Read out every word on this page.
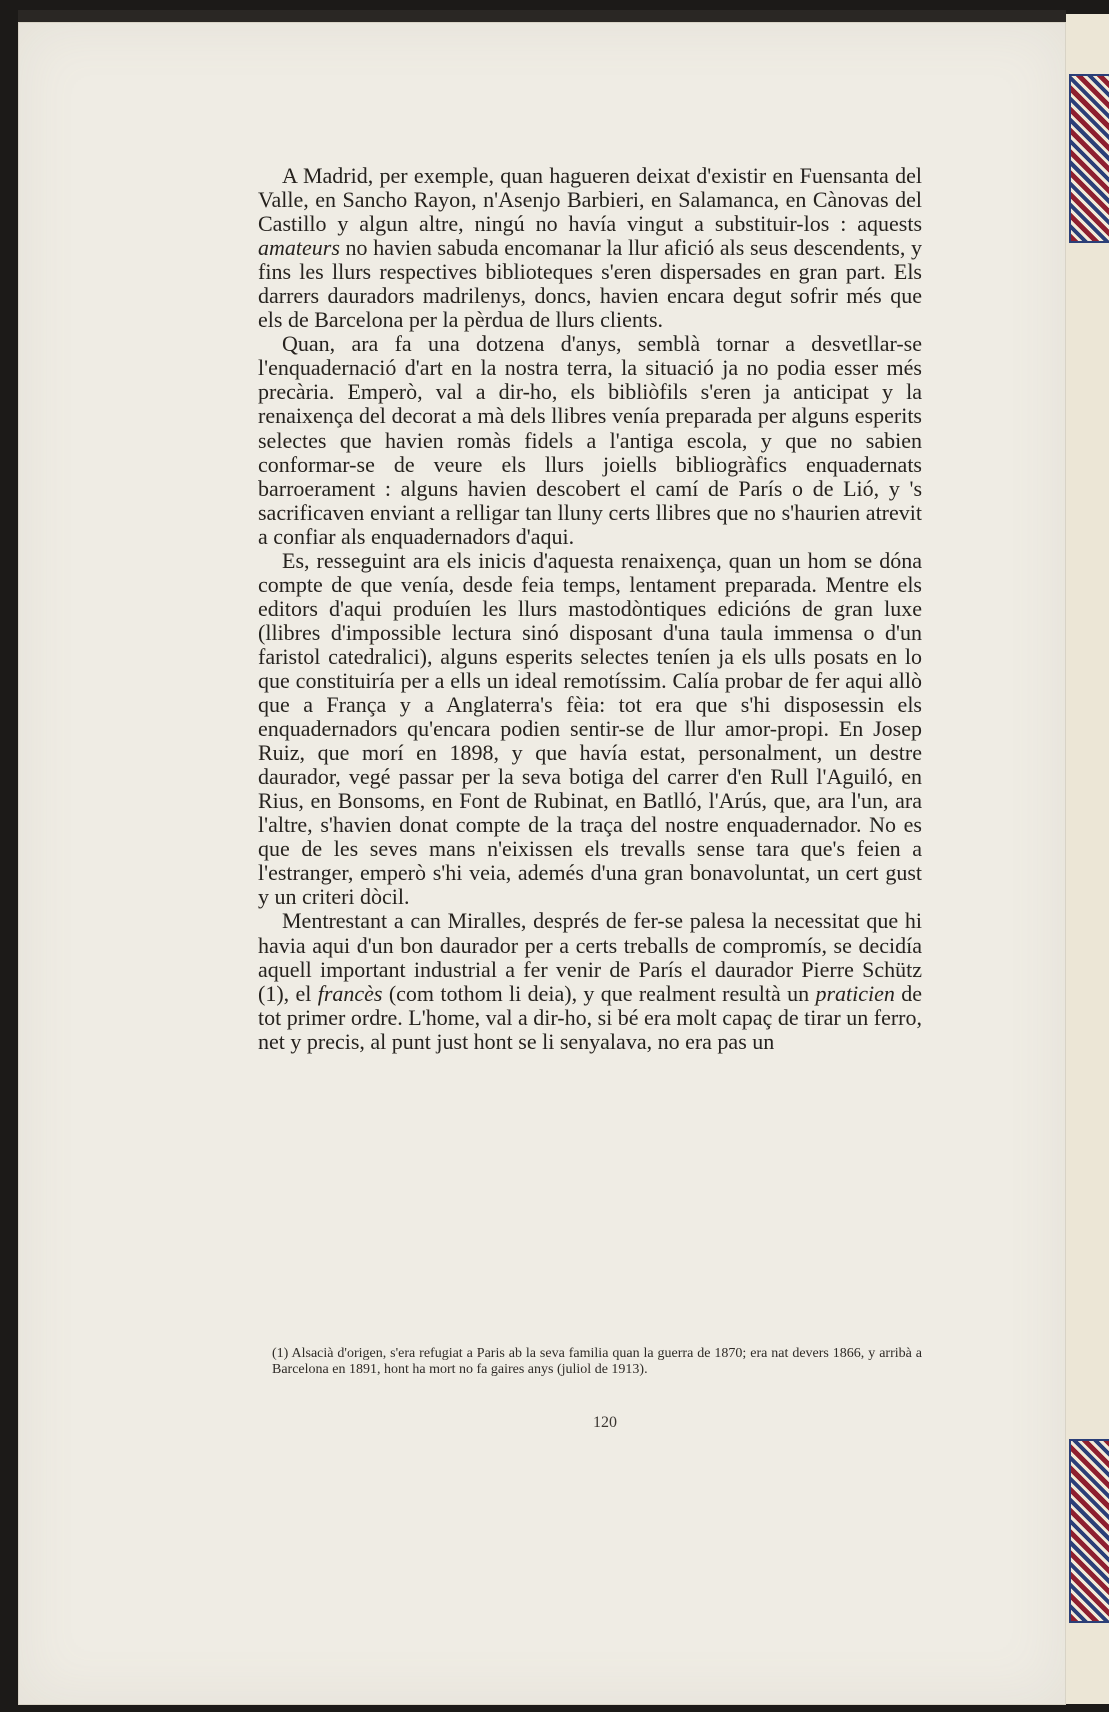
A Madrid, per exemple, quan hagueren deixat d'existir en Fuensanta del Valle, en Sancho Rayon, n'Asenjo Barbieri, en Salamanca, en Cànovas del Castillo y algun altre, ningú no havía vingut a substituir-los : aquests amateurs no havien sabuda encomanar la llur afició als seus descendents, y fins les llurs respectives biblioteques s'eren dispersades en gran part. Els darrers dauradors madrilenys, doncs, havien encara degut sofrir més que els de Barcelona per la pèrdua de llurs clients.

Quan, ara fa una dotzena d'anys, semblà tornar a desvetllar-se l'enquadernació d'art en la nostra terra, la situació ja no podia esser més precària. Emperò, val a dir-ho, els bibliòfils s'eren ja anticipat y la renaixença del decorat a mà dels llibres venía preparada per alguns esperits selectes que havien romàs fidels a l'antiga escola, y que no sabien conformar-se de veure els llurs joiells bibliogràfics enquadernats barroerament : alguns havien descobert el camí de París o de Lió, y 's sacrificaven enviant a relligar tan lluny certs llibres que no s'haurien atrevit a confiar als enquadernadors d'aqui.

Es, resseguint ara els inicis d'aquesta renaixença, quan un hom se dóna compte de que venía, desde feia temps, lentament preparada. Mentre els editors d'aqui produíen les llurs mastodòntiques edicións de gran luxe (llibres d'impossible lectura sinó disposant d'una taula immensa o d'un faristol catedralici), alguns esperits selectes teníen ja els ulls posats en lo que constituiría per a ells un ideal remotíssim. Calía probar de fer aqui allò que a França y a Anglaterra's fèia: tot era que s'hi disposessin els enquadernadors qu'encara podien sentir-se de llur amor-propi. En Josep Ruiz, que morí en 1898, y que havía estat, personalment, un destre daurador, vegé passar per la seva botiga del carrer d'en Rull l'Aguiló, en Rius, en Bonsoms, en Font de Rubinat, en Batlló, l'Arús, que, ara l'un, ara l'altre, s'havien donat compte de la traça del nostre enquadernador. No es que de les seves mans n'eixissen els trevalls sense tara que's feien a l'estranger, emperò s'hi veia, ademés d'una gran bonavoluntat, un cert gust y un criteri dòcil.

Mentrestant a can Miralles, després de fer-se palesa la necessitat que hi havia aqui d'un bon daurador per a certs treballs de compromís, se decidía aquell important industrial a fer venir de París el daurador Pierre Schütz (1), el francès (com tothom li deia), y que realment resultà un praticien de tot primer ordre. L'home, val a dir-ho, si bé era molt capaç de tirar un ferro, net y precis, al punt just hont se li senyalava, no era pas un

(1) Alsacià d'origen, s'era refugiat a Paris ab la seva familia quan la guerra de 1870; era nat devers 1866, y arribà a Barcelona en 1891, hont ha mort no fa gaires anys (juliol de 1913).

120
